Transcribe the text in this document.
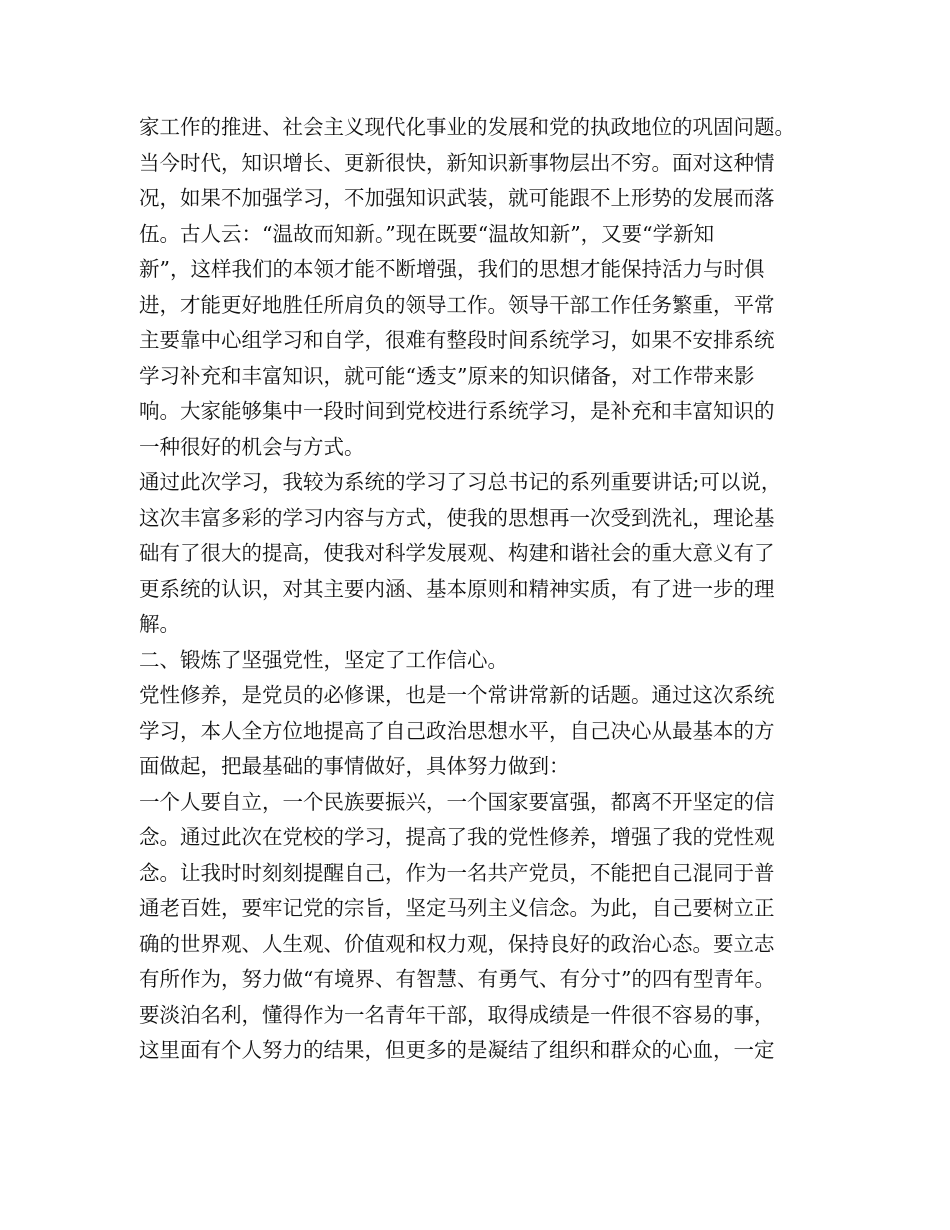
家工作的推进、社会主义现代化事业的发展和党的执政地位的巩固问题。
当今时代，知识增长、更新很快，新知识新事物层出不穷。面对这种情
况，如果不加强学习，不加强知识武装，就可能跟不上形势的发展而落
伍。古人云：“温故而知新。”现在既要“温故知新”，又要“学新知
新”，这样我们的本领才能不断增强，我们的思想才能保持活力与时俱
进，才能更好地胜任所肩负的领导工作。领导干部工作任务繁重，平常
主要靠中心组学习和自学，很难有整段时间系统学习，如果不安排系统
学习补充和丰富知识，就可能“透支”原来的知识储备，对工作带来影
响。大家能够集中一段时间到党校进行系统学习，是补充和丰富知识的
一种很好的机会与方式。
通过此次学习，我较为系统的学习了习总书记的系列重要讲话;可以说，
这次丰富多彩的学习内容与方式，使我的思想再一次受到洗礼，理论基
础有了很大的提高，使我对科学发展观、构建和谐社会的重大意义有了
更系统的认识，对其主要内涵、基本原则和精神实质，有了进一步的理
解。
二、锻炼了坚强党性，坚定了工作信心。
党性修养，是党员的必修课，也是一个常讲常新的话题。通过这次系统
学习，本人全方位地提高了自己政治思想水平，自己决心从最基本的方
面做起，把最基础的事情做好，具体努力做到：
一个人要自立，一个民族要振兴，一个国家要富强，都离不开坚定的信
念。通过此次在党校的学习，提高了我的党性修养，增强了我的党性观
念。让我时时刻刻提醒自己，作为一名共产党员，不能把自己混同于普
通老百姓，要牢记党的宗旨，坚定马列主义信念。为此，自己要树立正
确的世界观、人生观、价值观和权力观，保持良好的政治心态。要立志
有所作为，努力做“有境界、有智慧、有勇气、有分寸”的四有型青年。
要淡泊名利，懂得作为一名青年干部，取得成绩是一件很不容易的事，
这里面有个人努力的结果，但更多的是凝结了组织和群众的心血，一定
